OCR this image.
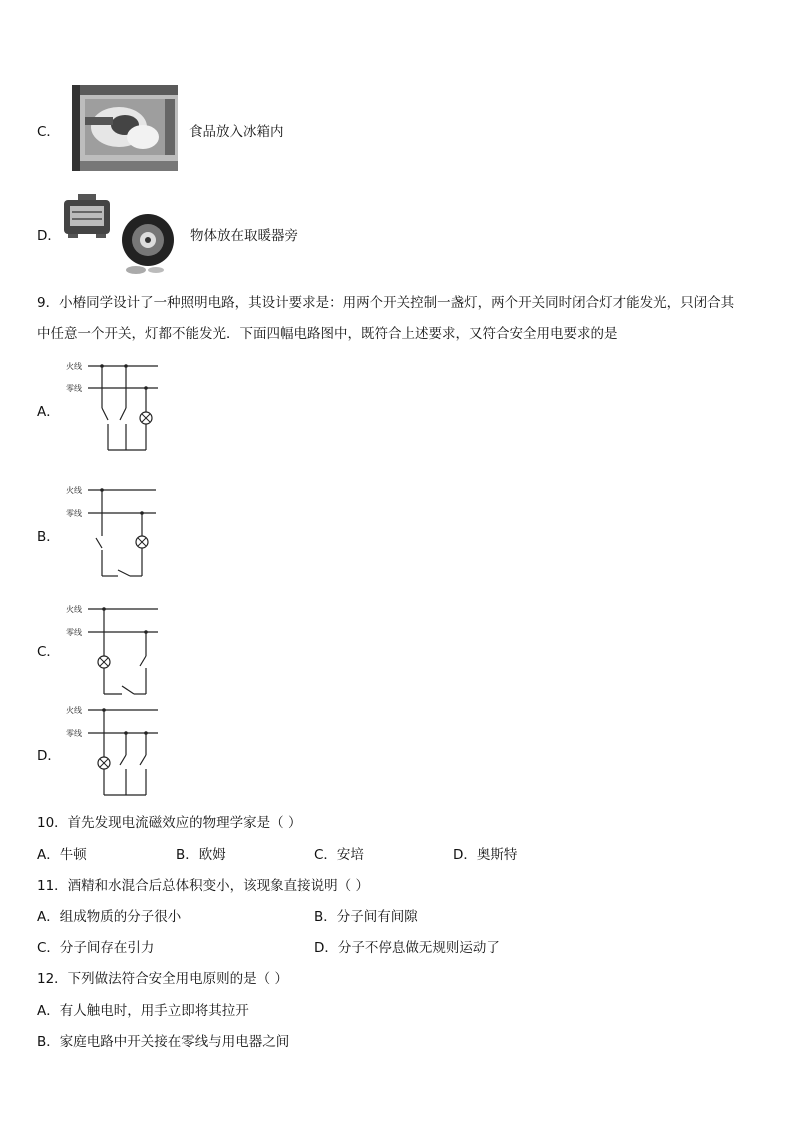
C．	食品放入冰箱内
D．	物体放在取暖器旁
9．小椿同学设计了一种照明电路，其设计要求是：用两个开关控制一盏灯，两个开关同时闭合灯才能发光，只闭合其
中任意一个开关，灯都不能发光．下面四幅电路图中，既符合上述要求，又符合安全用电要求的是
A．
火线
零线
B．
火线
零线
C．
火线
零线
D．
火线
零线
10．首先发现电流磁效应的物理学家是（ ）
A．牛顿	B．欧姆	C．安培	D．奥斯特
11．酒精和水混合后总体积变小，该现象直接说明（ ）
A．组成物质的分子很小	B．分子间有间隙
C．分子间存在引力	D．分子不停息做无规则运动了
12．下列做法符合安全用电原则的是（ ）
A．有人触电时，用手立即将其拉开
B．家庭电路中开关接在零线与用电器之间
